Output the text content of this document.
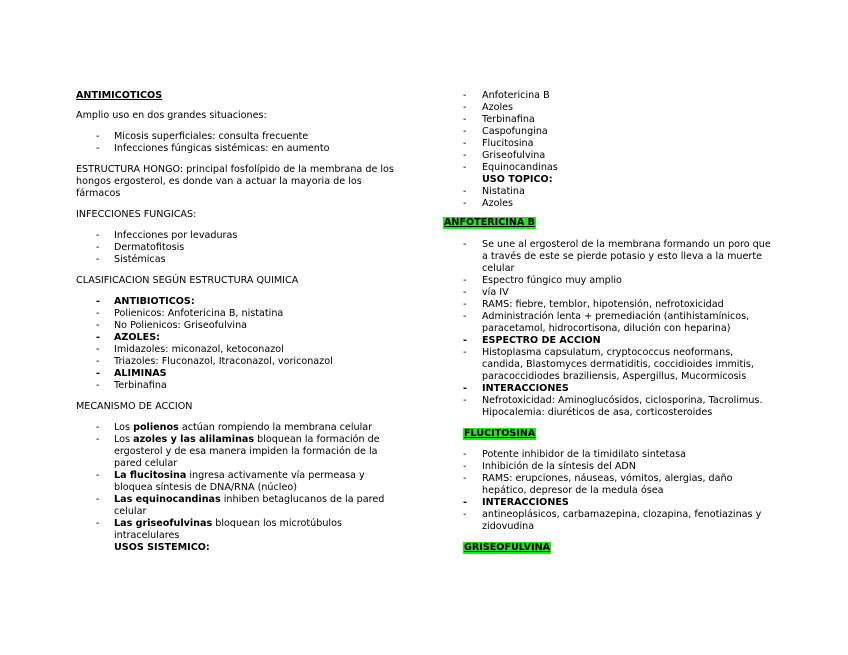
ANTIMICOTICOS

Amplio uso en dos grandes situaciones:

- Micosis superficiales: consulta frecuente
- Infecciones fúngicas sistémicas: en aumento

ESTRUCTURA HONGO: principal fosfolípido de la membrana de los hongos ergosterol, es donde van a actuar la mayoria de los fármacos

INFECCIONES FUNGICAS:

- Infecciones por levaduras
- Dermatofitosis
- Sistémicas

CLASIFICACION SEGÚN ESTRUCTURA QUIMICA

- ANTIBIOTICOS:
- Polienicos: Anfotericina B, nistatina
- No Polienicos: Griseofulvina
- AZOLES:
- Imidazoles: miconazol, ketoconazol
- Triazoles: Fluconazol, Itraconazol, voriconazol
- ALIMINAS
- Terbinafina

MECANISMO DE ACCION

- Los polienos actúan rompiendo la membrana celular
- Los azoles y las alilaminas bloquean la formación de ergosterol y de esa manera impiden la formación de la pared celular
- La flucitosina ingresa activamente vía permeasa y bloquea síntesis de DNA/RNA (núcleo)
- Las equinocandinas inhiben betaglucanos de la pared celular
- Las griseofulvinas bloquean los microtúbulos intracelulares
USOS SISTEMICO:
- Anfotericina B
- Azoles
- Terbinafina
- Caspofungina
- Flucitosina
- Griseofulvina
- Equinocandinas
USO TOPICO:
- Nistatina
- Azoles
ANFOTERICINA B
- Se une al ergosterol de la membrana formando un poro que a través de este se pierde potasio y esto lleva a la muerte celular
- Espectro fúngico muy amplio
- vía IV
- RAMS: fiebre, temblor, hipotensión, nefrotoxicidad
- Administración lenta + premediación (antihistamínicos, paracetamol, hidrocortisona, dilución con heparina)
- ESPECTRO DE ACCION
- Histoplasma capsulatum, cryptococcus neoformans, candida, Blastomyces dermatiditis, coccidioides immitis, paracoccidiodes braziliensis, Aspergillus, Mucormicosis
- INTERACCIONES
- Nefrotoxicidad: Aminoglucósidos, ciclosporina, Tacrolimus. Hipocalemia: diuréticos de asa, corticosteroides
FLUCITOSINA
- Potente inhibidor de la timidilato sintetasa
- Inhibición de la síntesis del ADN
- RAMS: erupciones, náuseas, vómitos, alergias, daño hepático, depresor de la medula ósea
- INTERACCIONES
- antineoplásicos, carbamazepina, clozapina, fenotiazinas y zidovudina
GRISEOFULVINA
